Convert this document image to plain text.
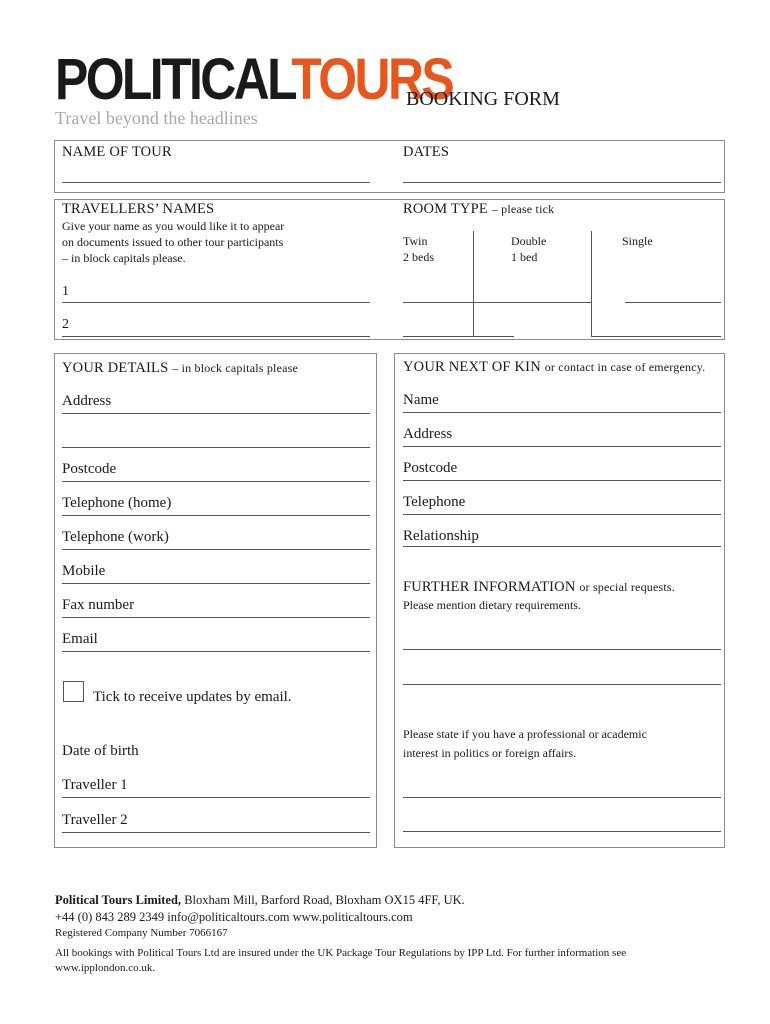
POLITICALTOURS
Travel beyond the headlines
BOOKING FORM
NAME OF TOUR	DATES
TRAVELLERS’ NAMES
Give your name as you would like it to appear
on documents issued to other tour participants
– in block capitals please.
1
2
ROOM TYPE – please tick
Twin
2 beds
Double
1 bed
Single
YOUR DETAILS – in block capitals please
Address
Postcode
Telephone (home)
Telephone (work)
Mobile
Fax number
Email
Tick to receive updates by email.
Date of birth
Traveller 1
Traveller 2
YOUR NEXT OF KIN or contact in case of emergency.
Name
Address
Postcode
Telephone
Relationship
FURTHER INFORMATION or special requests.
Please mention dietary requirements.
Please state if you have a professional or academic
interest in politics or foreign affairs.
Political Tours Limited, Bloxham Mill, Barford Road, Bloxham OX15 4FF, UK.
+44 (0) 843 289 2349 info@politicaltours.com www.politicaltours.com
Registered Company Number 7066167
All bookings with Political Tours Ltd are insured under the UK Package Tour Regulations by IPP Ltd. For further information see
www.ipplondon.co.uk.
